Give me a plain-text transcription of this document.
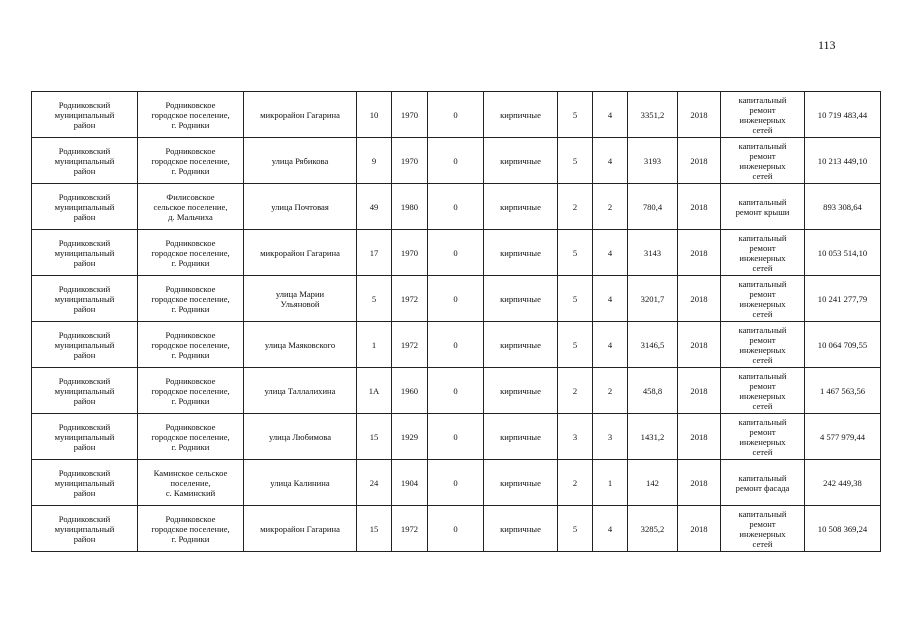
113
Родниковский
муниципальный
район	Родниковское
городское поселение,
г. Родники	микрорайон Гагарина	10	1970	0	кирпичные	5	4	3351,2	2018	капитальный
ремонт
инженерных
сетей	10 719 483,44
Родниковский
муниципальный
район	Родниковское
городское поселение,
г. Родники	улица Рябикова	9	1970	0	кирпичные	5	4	3193	2018	капитальный
ремонт
инженерных
сетей	10 213 449,10
Родниковский
муниципальный
район	Филисовское
сельское поселение,
д. Мальчиха	улица Почтовая	49	1980	0	кирпичные	2	2	780,4	2018	капитальный
ремонт крыши	893 308,64
Родниковский
муниципальный
район	Родниковское
городское поселение,
г. Родники	микрорайон Гагарина	17	1970	0	кирпичные	5	4	3143	2018	капитальный
ремонт
инженерных
сетей	10 053 514,10
Родниковский
муниципальный
район	Родниковское
городское поселение,
г. Родники	улица Марии
Ульяновой	5	1972	0	кирпичные	5	4	3201,7	2018	капитальный
ремонт
инженерных
сетей	10 241 277,79
Родниковский
муниципальный
район	Родниковское
городское поселение,
г. Родники	улица Маяковского	1	1972	0	кирпичные	5	4	3146,5	2018	капитальный
ремонт
инженерных
сетей	10 064 709,55
Родниковский
муниципальный
район	Родниковское
городское поселение,
г. Родники	улица Таллалихина	1А	1960	0	кирпичные	2	2	458,8	2018	капитальный
ремонт
инженерных
сетей	1 467 563,56
Родниковский
муниципальный
район	Родниковское
городское поселение,
г. Родники	улица Любимова	15	1929	0	кирпичные	3	3	1431,2	2018	капитальный
ремонт
инженерных
сетей	4 577 979,44
Родниковский
муниципальный
район	Каминское сельское
поселение,
с. Каминский	улица Калинина	24	1904	0	кирпичные	2	1	142	2018	капитальный
ремонт фасада	242 449,38
Родниковский
муниципальный
район	Родниковское
городское поселение,
г. Родники	микрорайон Гагарина	15	1972	0	кирпичные	5	4	3285,2	2018	капитальный
ремонт
инженерных
сетей	10 508 369,24
